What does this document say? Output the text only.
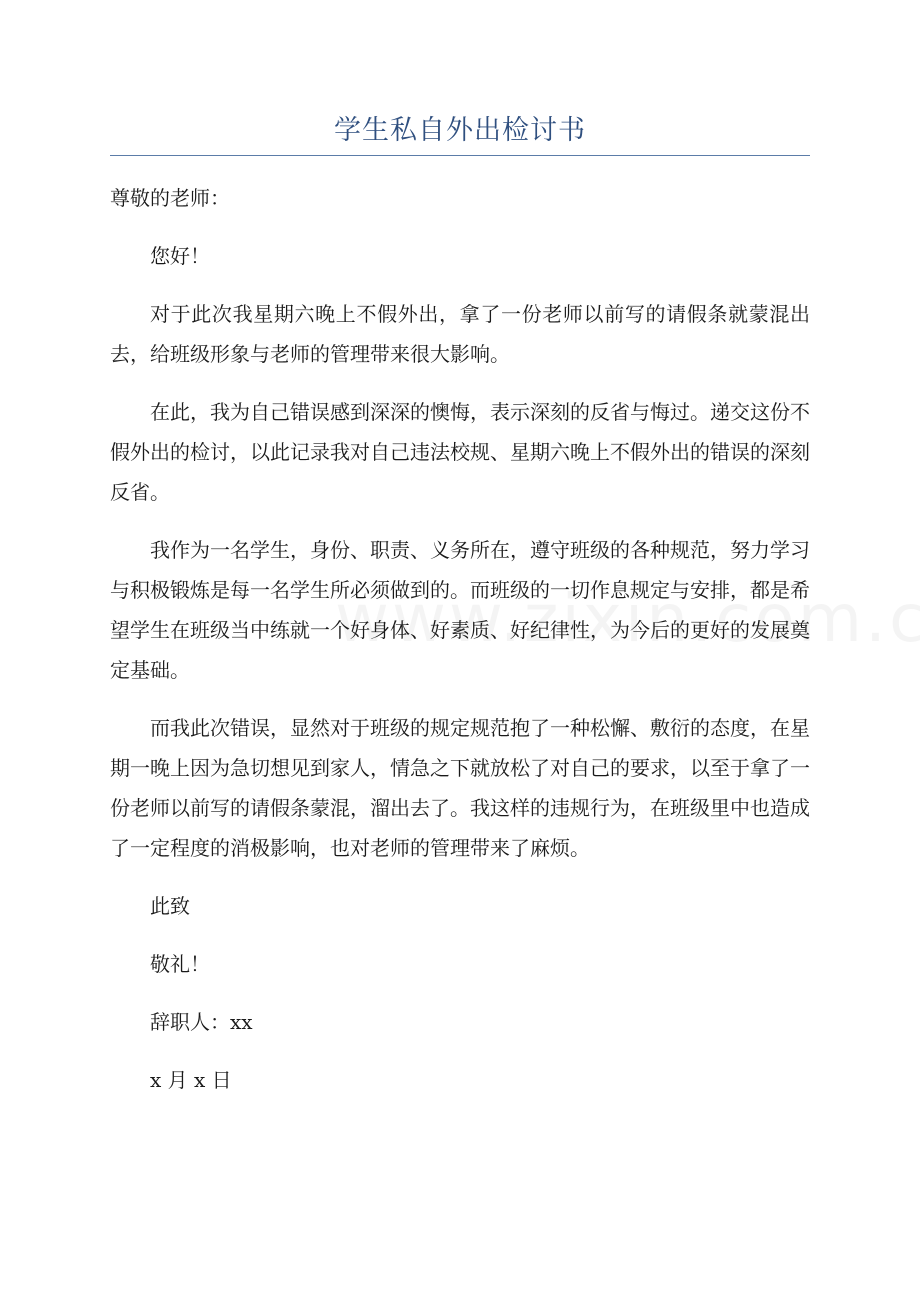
学生私自外出检讨书

尊敬的老师：

您好！

对于此次我星期六晚上不假外出，拿了一份老师以前写的请假条就蒙混出去，给班级形象与老师的管理带来很大影响。

在此，我为自己错误感到深深的懊悔，表示深刻的反省与悔过。递交这份不假外出的检讨，以此记录我对自己违法校规、星期六晚上不假外出的错误的深刻反省。

我作为一名学生，身份、职责、义务所在，遵守班级的各种规范，努力学习与积极锻炼是每一名学生所必须做到的。而班级的一切作息规定与安排，都是希望学生在班级当中练就一个好身体、好素质、好纪律性，为今后的更好的发展奠定基础。

而我此次错误，显然对于班级的规定规范抱了一种松懈、敷衍的态度，在星期一晚上因为急切想见到家人，情急之下就放松了对自己的要求，以至于拿了一份老师以前写的请假条蒙混，溜出去了。我这样的违规行为，在班级里中也造成了一定程度的消极影响，也对老师的管理带来了麻烦。

此致

敬礼！

辞职人：xx

x 月 x 日
